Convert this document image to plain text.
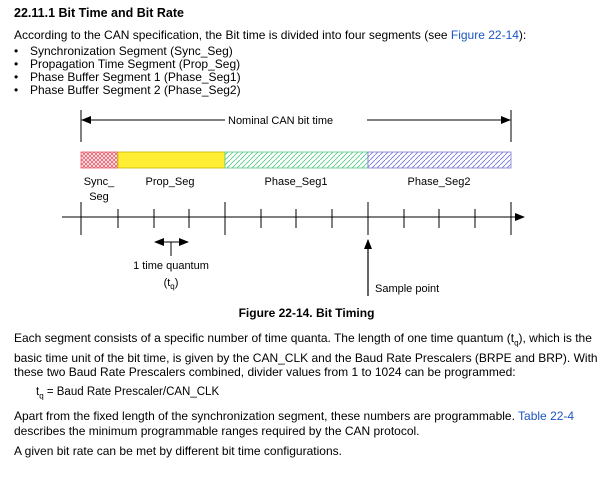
22.11.1 Bit Time and Bit Rate
According to the CAN specification, the Bit time is divided into four segments (see Figure 22-14):
• Synchronization Segment (Sync_Seg)
• Propagation Time Segment (Prop_Seg)
• Phase Buffer Segment 1 (Phase_Seg1)
• Phase Buffer Segment 2 (Phase_Seg2)
Nominal CAN bit time
Sync_
Seg
Prop_Seg	Phase_Seg1	Phase_Seg2
1 time quantum
$(t_q)$	Sample point
Figure 22-14. Bit Timing
Each segment consists of a specific number of time quanta. The length of one time quantum $(t_q)$, which is the basic time unit of the bit time, is given by the CAN_CLK and the Baud Rate Prescalers (BRPE and BRP). With these two Baud Rate Prescalers combined, divider values from 1 to 1024 can be programmed:
$t_q$ = Baud Rate Prescaler/CAN_CLK
Apart from the fixed length of the synchronization segment, these numbers are programmable. Table 22-4 describes the minimum programmable ranges required by the CAN protocol.
A given bit rate can be met by different bit time configurations.
